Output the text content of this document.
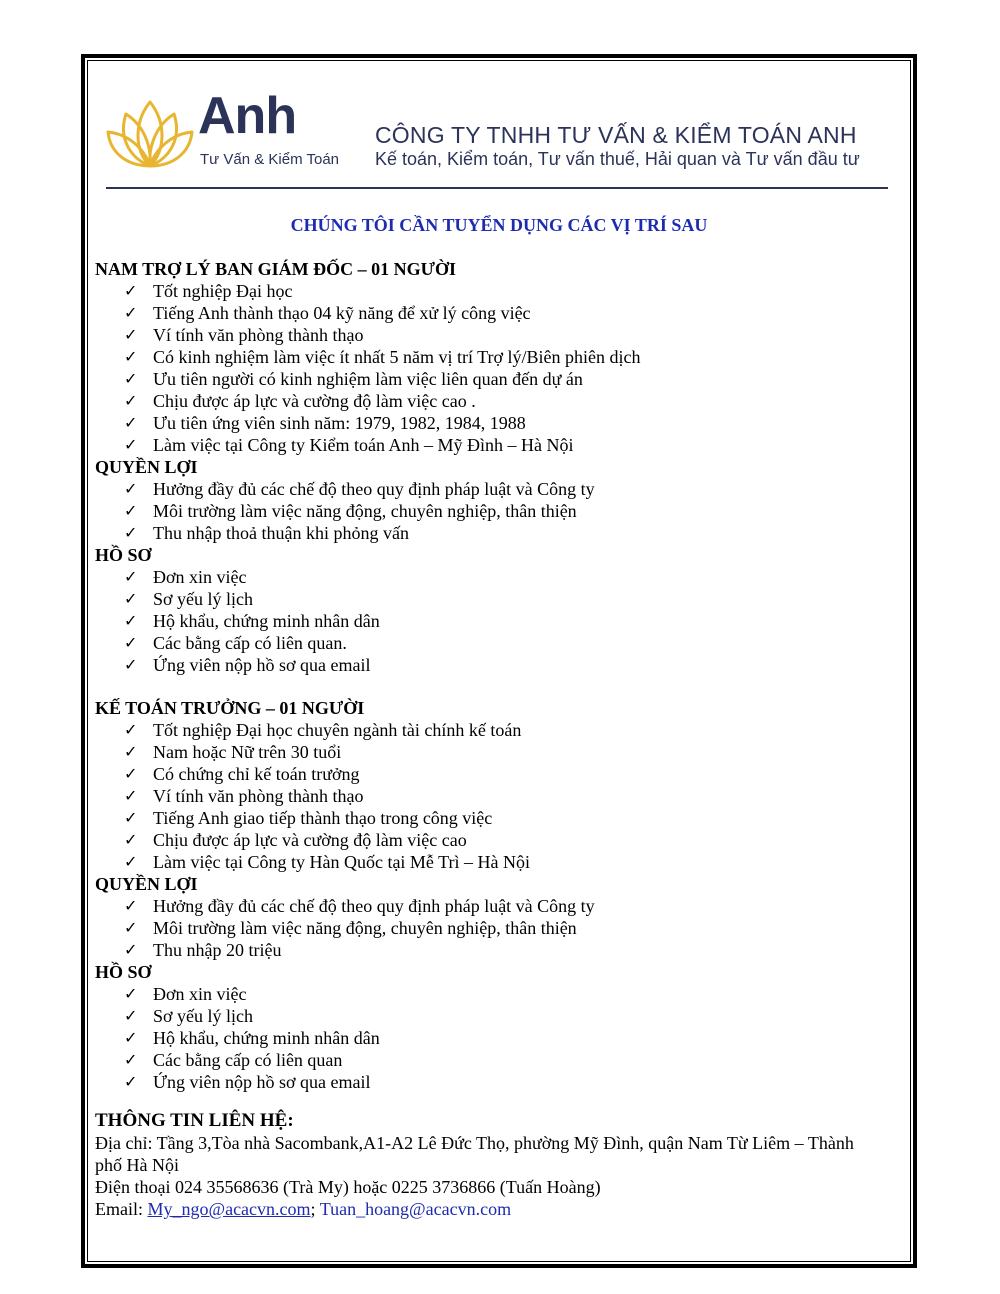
Anh
Tư Vấn & Kiểm Toán
CÔNG TY TNHH TƯ VẤN & KIỂM TOÁN ANH
Kế toán, Kiểm toán, Tư vấn thuế, Hải quan và Tư vấn đầu tư
CHÚNG TÔI CẦN TUYỂN DỤNG CÁC VỊ TRÍ SAU
NAM TRỢ LÝ BAN GIÁM ĐỐC – 01 NGƯỜI
✓ Tốt nghiệp Đại học
✓ Tiếng Anh thành thạo 04 kỹ năng để xử lý công việc
✓ Ví tính văn phòng thành thạo
✓ Có kinh nghiệm làm việc ít nhất 5 năm vị trí Trợ lý/Biên phiên dịch
✓ Ưu tiên người có kinh nghiệm làm việc liên quan đến dự án
✓ Chịu được áp lực và cường độ làm việc cao .
✓ Ưu tiên ứng viên sinh năm: 1979, 1982, 1984, 1988
✓ Làm việc tại Công ty Kiểm toán Anh – Mỹ Đình – Hà Nội
QUYỀN LỢI
✓ Hưởng đầy đủ các chế độ theo quy định pháp luật và Công ty
✓ Môi trường làm việc năng động, chuyên nghiệp, thân thiện
✓ Thu nhập thoả thuận khi phỏng vấn
HỒ SƠ
✓ Đơn xin việc
✓ Sơ yếu lý lịch
✓ Hộ khẩu, chứng minh nhân dân
✓ Các bằng cấp có liên quan.
✓ Ứng viên nộp hồ sơ qua email
KẾ TOÁN TRƯỞNG – 01 NGƯỜI
✓ Tốt nghiệp Đại học chuyên ngành tài chính kế toán
✓ Nam hoặc Nữ trên 30 tuổi
✓ Có chứng chỉ kế toán trưởng
✓ Ví tính văn phòng thành thạo
✓ Tiếng Anh giao tiếp thành thạo trong công việc
✓ Chịu được áp lực và cường độ làm việc cao
✓ Làm việc tại Công ty Hàn Quốc tại Mễ Trì – Hà Nội
QUYỀN LỢI
✓ Hưởng đầy đủ các chế độ theo quy định pháp luật và Công ty
✓ Môi trường làm việc năng động, chuyên nghiệp, thân thiện
✓ Thu nhập 20 triệu
HỒ SƠ
✓ Đơn xin việc
✓ Sơ yếu lý lịch
✓ Hộ khẩu, chứng minh nhân dân
✓ Các bằng cấp có liên quan
✓ Ứng viên nộp hồ sơ qua email
THÔNG TIN LIÊN HỆ:
Địa chỉ: Tầng 3,Tòa nhà Sacombank,A1-A2 Lê Đức Thọ, phường Mỹ Đình, quận Nam Từ Liêm – Thành phố Hà Nội
Điện thoại 024 35568636 (Trà My) hoặc 0225 3736866 (Tuấn Hoàng)
Email: My_ngo@acacvn.com; Tuan_hoang@acacvn.com
